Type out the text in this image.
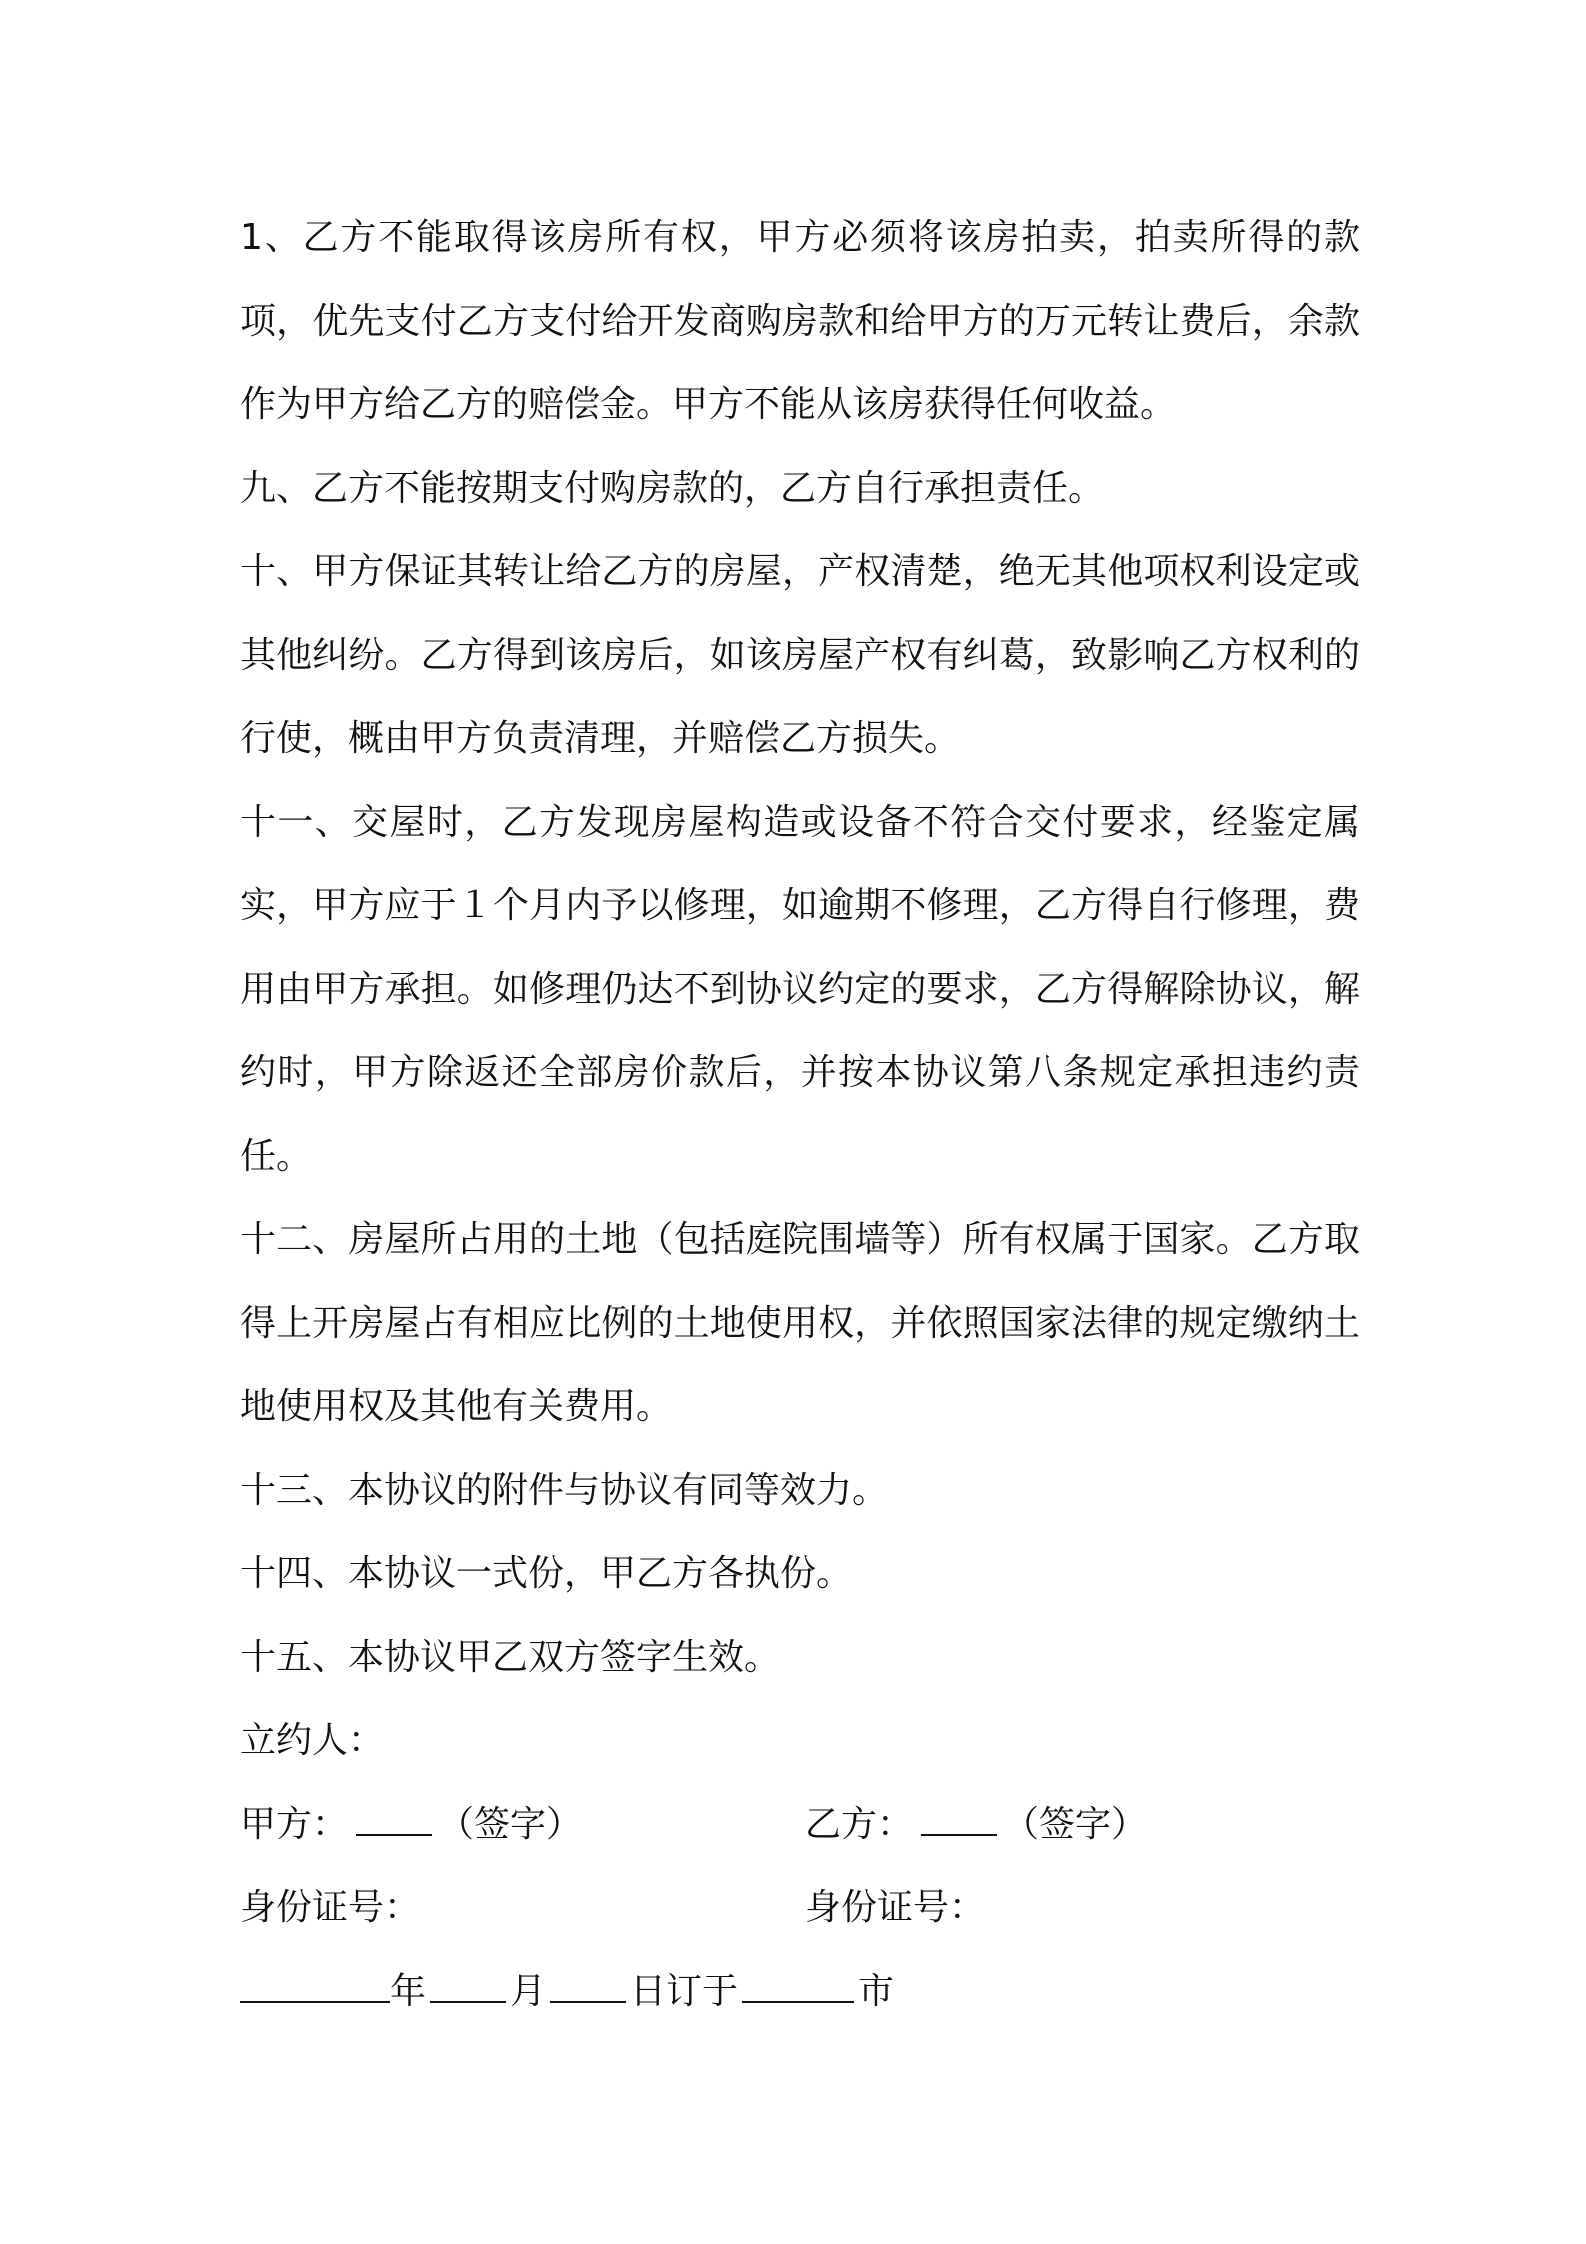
1、乙方不能取得该房所有权，甲方必须将该房拍卖，拍卖所得的款项，优先支付乙方支付给开发商购房款和给甲方的万元转让费后，余款作为甲方给乙方的赔偿金。甲方不能从该房获得任何收益。

九、乙方不能按期支付购房款的，乙方自行承担责任。

十、甲方保证其转让给乙方的房屋，产权清楚，绝无其他项权利设定或其他纠纷。乙方得到该房后，如该房屋产权有纠葛，致影响乙方权利的行使，概由甲方负责清理，并赔偿乙方损失。

十一、交屋时，乙方发现房屋构造或设备不符合交付要求，经鉴定属实，甲方应于１个月内予以修理，如逾期不修理，乙方得自行修理，费用由甲方承担。如修理仍达不到协议约定的要求，乙方得解除协议，解约时，甲方除返还全部房价款后，并按本协议第八条规定承担违约责任。

十二、房屋所占用的土地（包括庭院围墙等）所有权属于国家。乙方取得上开房屋占有相应比例的土地使用权，并依照国家法律的规定缴纳土地使用权及其他有关费用。

十三、本协议的附件与协议有同等效力。

十四、本协议一式份，甲乙方各执份。

十五、本协议甲乙双方签字生效。

立约人：
甲方：	（签字）	乙方：	（签字）
身份证号：	身份证号：
年 月 日订于	市
